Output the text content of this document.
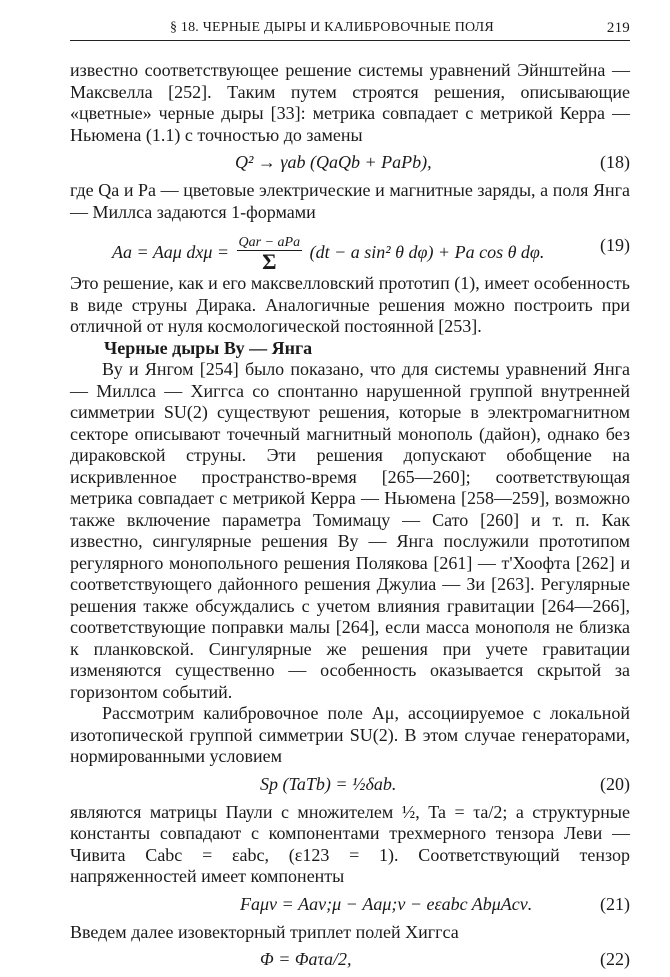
§ 18. ЧЕРНЫЕ ДЫРЫ И КАЛИБРОВОЧНЫЕ ПОЛЯ	219

известно соответствующее решение системы уравнений Эйнштейна — Максвелла [252]. Таким путем строятся решения, описывающие «цветные» черные дыры [33]: метрика совпадает с метрикой Керра — Ньюмена (1.1) с точностью до замены

Q² → γab (QaQb + PaPb),	(18)

где Qa и Pa — цветовые электрические и магнитные заряды, а поля Янга — Миллса задаются 1-формами

Aa = Aaμ $dx\mu = \frac{\text{Qar − aPa}}{\Sigma} (dt - a$ sin² θ dφ) + Pa cos θ dφ.	(19)

Это решение, как и его максвелловский прототип (1), имеет особенность в виде струны Дирака. Аналогичные решения можно построить при отличной от нуля космологической постоянной [253].

Черные дыры Ву — Янга

Ву и Янгом [254] было показано, что для системы уравнений Янга — Миллса — Хиггса со спонтанно нарушенной группой внутренней симметрии SU(2) существуют решения, которые в электромагнитном секторе описывают точечный магнитный монополь (дайон), однако без дираковской струны. Эти решения допускают обобщение на искривленное пространство-время [265—260]; соответствующая метрика совпадает с метрикой Керра — Ньюмена [258—259], возможно также включение параметра Томимацу — Сато [260] и т. п. Как известно, сингулярные решения Ву — Янга послужили прототипом регулярного монопольного решения Полякова [261] — т'Хоофта [262] и соответствующего дайонного решения Джулиа — Зи [263]. Регулярные решения также обсуждались с учетом влияния гравитации [264—266], соответствующие поправки малы [264], если масса монополя не близка к планковской. Сингулярные же решения при учете гравитации изменяются существенно — особенность оказывается скрытой за горизонтом событий.

Рассмотрим калибровочное поле Aμ, ассоциируемое с локальной изотопической группой симметрии SU(2). В этом случае генераторами, нормированными условием

Sp (TaTb) = ½δab.	(20)

являются матрицы Паули с множителем ½, Ta = τa/2; а структурные константы совпадают с компонентами трехмерного тензора Леви — Чивита Cabc = εabc, (ε123 = 1). Соответствующий тензор напряженностей имеет компоненты

Faμν = Aaν;μ − Aaμ;ν − eεabc AbμAcν.	(21)

Введем далее изовекторный триплет полей Хиггса

Φ = Φaτa/2,	(22)
